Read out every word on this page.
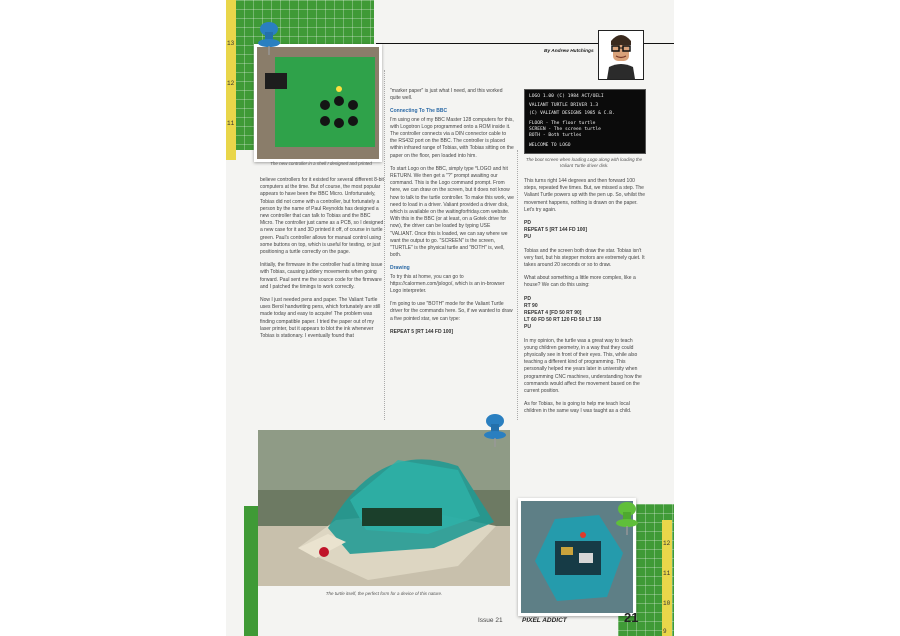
13
12
11
12
11
10
9
By Andrew Hutchings
The new controller in a shell I designed and printed
LOGO 1.00 (C) 1984 ACT/OELI
VALIANT TURTLE DRIVER 1.3
(C) VALIANT DESIGNS 1985 & C.B.
FLOOR - The floor turtle
SCREEN - The screen turtle
BOTH - Both turtles
WELCOME TO LOGO
The boot screen when loading Logo along with loading the Valiant Turtle driver disk.

believe controllers for it existed for several different 8-bit computers at the time. But of course, the most popular appears to have been the BBC Micro. Unfortunately, Tobias did not come with a controller, but fortunately a person by the name of Paul Reynolds has designed a new controller that can talk to Tobias and the BBC Micro. The controller just came as a PCB, so I designed a new case for it and 3D printed it off, of course in turtle green. Paul's controller allows for manual control using some buttons on top, which is useful for testing, or just positioning a turtle correctly on the page.

Initially, the firmware in the controller had a timing issue with Tobias, causing juddery movements when going forward. Paul sent me the source code for the firmware and I patched the timings to work correctly.

Now I just needed pens and paper. The Valiant Turtle uses Berol handwriting pens, which fortunately are still made today and easy to acquire! The problem was finding compatible paper. I tried the paper out of my laser printer, but it appears to blot the ink whenever Tobias is stationary. I eventually found that

"marker paper" is just what I need, and this worked quite well.

Connecting To The BBC

I'm using one of my BBC Master 128 computers for this, with Logotron Logo programmed onto a ROM inside it. The controller connects via a DIN connector cable to the RS432 port on the BBC. The controller is placed within infrared range of Tobias, with Tobias sitting on the paper on the floor, pen loaded into him.

To start Logo on the BBC, simply type *LOGO and hit RETURN. We then get a "?" prompt awaiting our command. This is the Logo command prompt. From here, we can draw on the screen, but it does not know how to talk to the turtle controller. To make this work, we need to load in a driver. Valiant provided a driver disk, which is available on the waitingforfriday.com website. With this in the BBC (or at least, on a Gotek drive for now), the driver can be loaded by typing USE "VALIANT. Once this is loaded, we can say where we want the output to go. "SCREEN" is the screen, "TURTLE" is the physical turtle and "BOTH" is, well, both.

Drawing

To try this at home, you can go to https://calormen.com/jslogo/, which is an in-browser Logo interpreter.

I'm going to use "BOTH" mode for the Valiant Turtle driver for the commands here. So, if we wanted to draw a five pointed star, we can type:

REPEAT 5 [RT 144 FD 100]

This turns right 144 degrees and then forward 100 steps, repeated five times. But, we missed a step. The Valiant Turtle powers up with the pen up. So, whilst the movement happens, nothing is drawn on the paper. Let's try again.

PD
REPEAT 5 [RT 144 FD 100]

PU

Tobias and the screen both draw the star. Tobias isn't very fast, but his stepper motors are extremely quiet. It takes around 20 seconds or so to draw.

What about something a little more complex, like a house? We can do this using:

PD
RT 90
REPEAT 4 [FD 50 RT 90]
LT 60 FD 50 RT 120 FD 50 LT 150

PU

In my opinion, the turtle was a great way to teach young children geometry, in a way that they could physically see in front of their eyes. This, while also teaching a different kind of programming. This personally helped me years later in university when programming CNC machines, understanding how the commands would affect the movement based on the current position.

As for Tobias, he is going to help me teach local children in the same way I was taught as a child.

The turtle itself, the perfect form for a device of this nature.
Issue 21	PIXEL ADDICT	21
